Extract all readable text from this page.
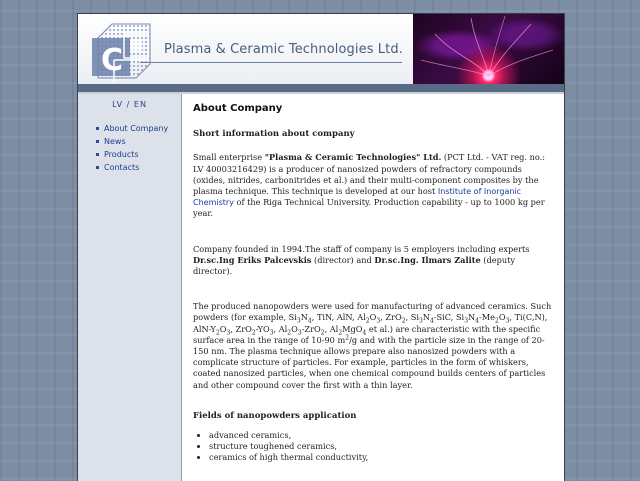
C	Plasma & Ceramic Technologies Ltd.
LV / EN
About Company
News
Products
Contacts
About Company
Short information about company

Small enterprise "Plasma & Ceramic Technologies" Ltd. (PCT Ltd. - VAT reg. no.: LV 40003216429) is a producer of nanosized powders of refractory compounds (oxides, nitrides, carbonitrides et al.) and their multi-component composites by the plasma technique. This technique is developed at our host Institute of Inorganic Chemistry of the Riga Technical University. Production capability - up to 1000 kg per year.

Company founded in 1994.The staff of company is 5 employers including experts Dr.sc.Ing Eriks Palcevskis (director) and Dr.sc.Ing. Ilmars Zalite (deputy director).

The produced nanopowders were used for manufacturing of advanced ceramics. Such powders (for example, $Si_3N_4$, TiN, AlN, $Al_2O_3$, ZrO$_2$, $Si_3N_4$-SiC, $Si_3N_4-Me_2O_3$, Ti(C,N), AlN-$Y_2O_3$, $ZrO_2-YO_3$, $Al_2O_3-ZrO_2$, $Al_2MgO_4$ et al.) are characteristic with the specific surface area in the range of 10-90 $m^2/g$ and with the particle size in the range of 20-150 nm. The plasma technique allows prepare also nanosized powders with a complicate structure of particles. For example, particles in the form of whiskers, coated nanosized particles, when one chemical compound builds centers of particles and other compound cover the first with a thin layer.

Fields of nanopowders application
• advanced ceramics,
• structure toughened ceramics,
• ceramics of high thermal conductivity,
